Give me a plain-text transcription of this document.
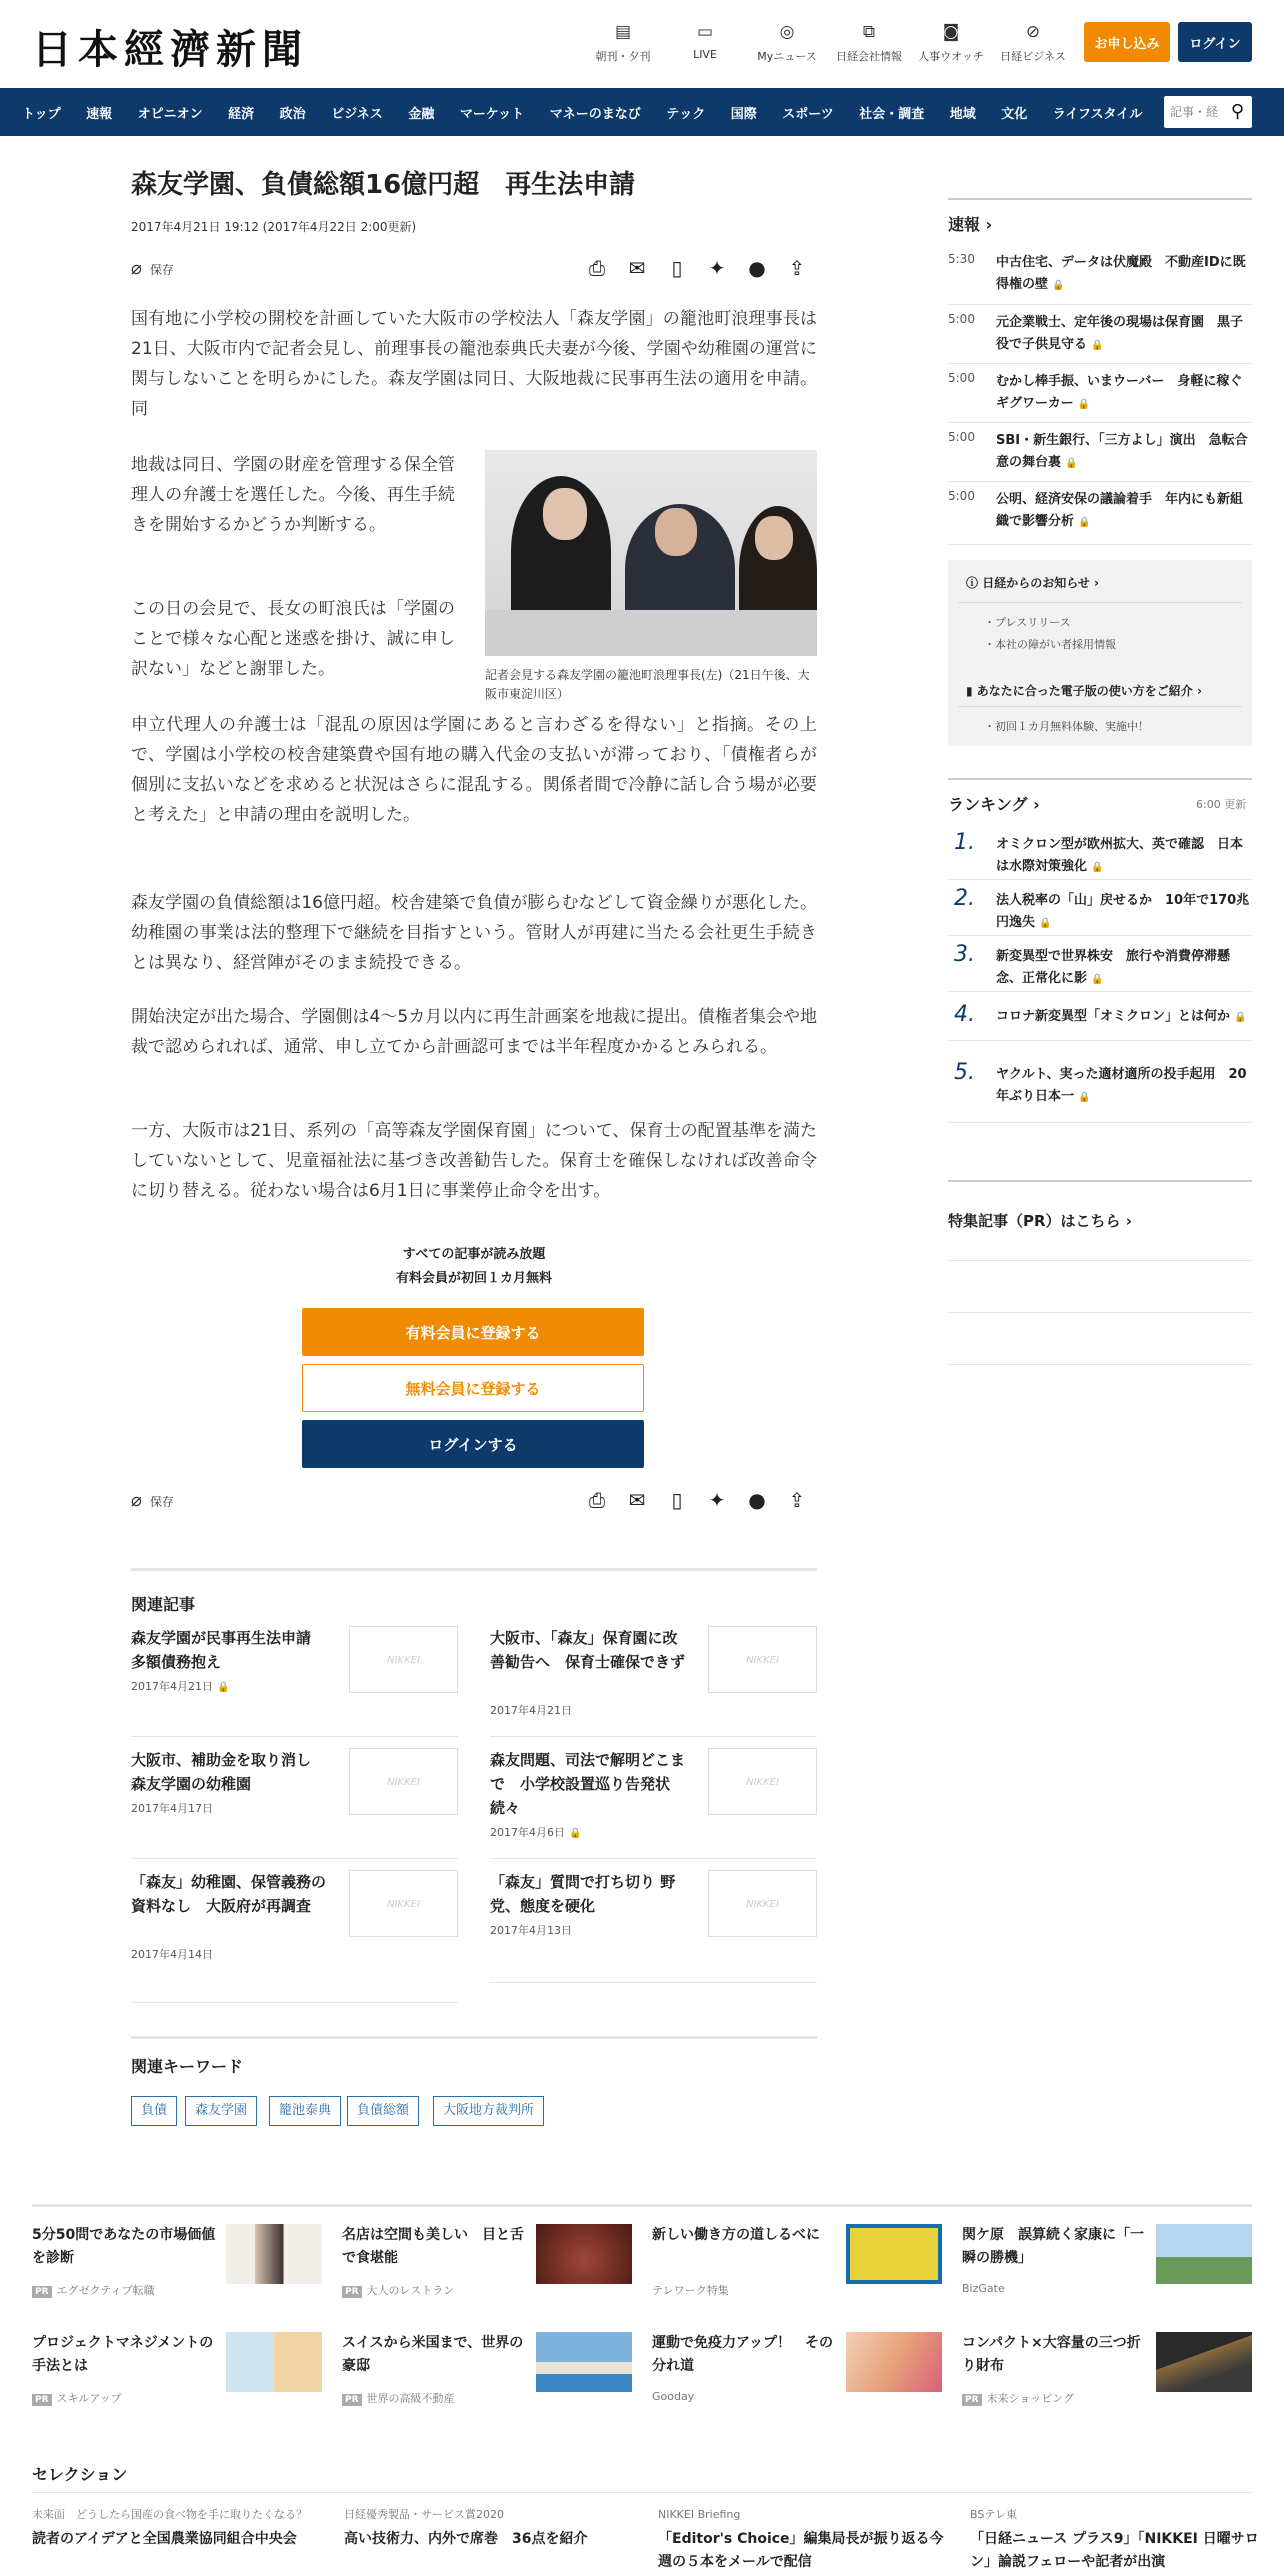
日本經濟新聞	▤
朝刊・夕刊
▭
LIVE
◎
Myニュース
⧉
日経会社情報
◙
人事ウオッチ
⊘
日経ビジネス
お申し込み	ログイン
トップ 速報 オピニオン 経済 政治 ビジネス 金融 マーケット マネーのまなび テック 国際 スポーツ 社会・調査 地域 文化 ライフスタイル
記事・経	⚲
森友学園、負債総額16億円超　再生法申請
2017年4月21日 19:12 (2017年4月22日 2:00更新)
⌀ 保存	⎙	✉	▯	✦	●	⇪

国有地に小学校の開校を計画していた大阪市の学校法人「森友学園」の籠池町浪理事長は21日、大阪市内で記者会見し、前理事長の籠池泰典氏夫妻が今後、学園や幼稚園の運営に関与しないことを明らかにした。森友学園は同日、大阪地裁に民事再生法の適用を申請。同

地裁は同日、学園の財産を管理する保全管理人の弁護士を選任した。今後、再生手続きを開始するかどうか判断する。

記者会見する森友学園の籠池町浪理事長(左)（21日午後、大阪市東淀川区）

この日の会見で、長女の町浪氏は「学園のことで様々な心配と迷惑を掛け、誠に申し訳ない」などと謝罪した。

申立代理人の弁護士は「混乱の原因は学園にあると言わざるを得ない」と指摘。その上で、学園は小学校の校舎建築費や国有地の購入代金の支払いが滞っており、「債権者らが個別に支払いなどを求めると状況はさらに混乱する。関係者間で冷静に話し合う場が必要と考えた」と申請の理由を説明した。

森友学園の負債総額は16億円超。校舎建築で負債が膨らむなどして資金繰りが悪化した。幼稚園の事業は法的整理下で継続を目指すという。管財人が再建に当たる会社更生手続きとは異なり、経営陣がそのまま続投できる。

開始決定が出た場合、学園側は4～5カ月以内に再生計画案を地裁に提出。債権者集会や地裁で認められれば、通常、申し立てから計画認可までは半年程度かかるとみられる。

一方、大阪市は21日、系列の「高等森友学園保育園」について、保育士の配置基準を満たしていないとして、児童福祉法に基づき改善勧告した。保育士を確保しなければ改善命令に切り替える。従わない場合は6月1日に事業停止命令を出す。

すべての記事が読み放題
有料会員が初回１カ月無料
有料会員に登録する
無料会員に登録する
ログインする
⌀ 保存	⎙	✉	▯	✦	●	⇪
関連記事
森友学園が民事再生法申請 多額債務抱え
2017年4月21日 🔒
NIKKEI
大阪市、「森友」保育園に改善勧告へ　保育士確保できず
2017年4月21日
NIKKEI
大阪市、補助金を取り消し 森友学園の幼稚園
2017年4月17日
NIKKEI
森友問題、司法で解明どこまで　小学校設置巡り告発状続々
2017年4月6日 🔒
NIKKEI
「森友」幼稚園、保管義務の資料なし　大阪府が再調査
2017年4月14日
NIKKEI
「森友」質問で打ち切り 野党、態度を硬化
2017年4月13日
NIKKEI
関連キーワード
負債	森友学園	籠池泰典	負債総額	大阪地方裁判所
速報 ›
5:30 中古住宅、データは伏魔殿　不動産IDに既得権の壁 🔒
5:00 元企業戦士、定年後の現場は保育園　黒子役で子供見守る 🔒
5:00 むかし棒手振、いまウーバー　身軽に稼ぐギグワーカー 🔒
5:00 SBI・新生銀行、「三方よし」演出　急転合意の舞台裏 🔒
5:00 公明、経済安保の議論着手　年内にも新組織で影響分析 🔒
ⓘ 日経からのお知らせ ›
・プレスリリース
・本社の障がい者採用情報
▮ あなたに合った電子版の使い方をご紹介 ›
・初回１カ月無料体験、実施中！
ランキング ›	6:00 更新
1. オミクロン型が欧州拡大、英で確認　日本は水際対策強化 🔒
2. 法人税率の「山」戻せるか　10年で170兆円逸失 🔒
3. 新変異型で世界株安　旅行や消費停滞懸念、正常化に影 🔒
4. コロナ新変異型「オミクロン」とは何か 🔒
5. ヤクルト、実った適材適所の投手起用　20年ぶり日本一 🔒
特集記事（PR）はこちら ›
5分50問であなたの市場価値を診断
PR エグゼクティブ転職
名店は空間も美しい　目と舌で食堪能
PR 大人のレストラン
新しい働き方の道しるべに
テレワーク特集
関ケ原　誤算続く家康に「一瞬の勝機」
BizGate
プロジェクトマネジメントの手法とは
PR スキルアップ
スイスから米国まで、世界の豪邸
PR 世界の高級不動産
運動で免疫力アップ！　その分れ道
Gooday
コンパクト×大容量の三つ折り財布
PR 未来ショッピング
セレクション
未来面　どうしたら国産の食べ物を手に取りたくなる？
読者のアイデアと全国農業協同組合中央会
日経優秀製品・サービス賞2020
高い技術力、内外で席巻　36点を紹介
NIKKEI Briefing
「Editor's Choice」編集局長が振り返る今週の５本をメールで配信
BSテレ東
「日経ニュース プラス9」「NIKKEI 日曜サロン」論説フェローや記者が出演
